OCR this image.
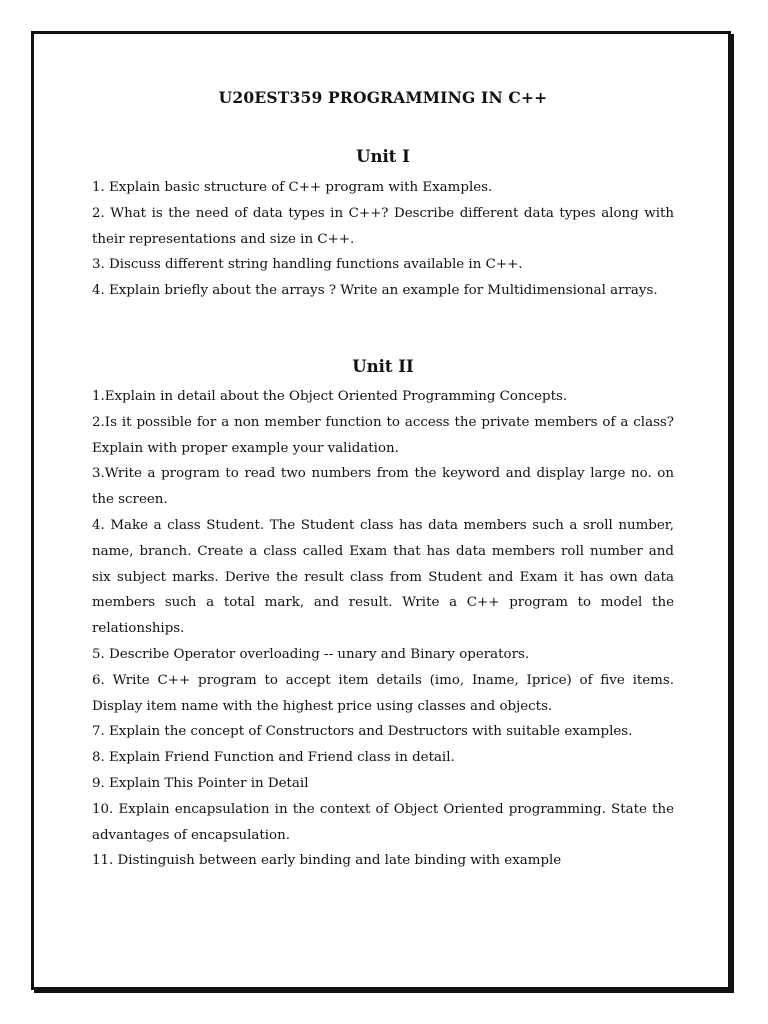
U20EST359 PROGRAMMING IN C++
Unit I
1. Explain basic structure of C++ program with Examples.
2. What is the need of data types in C++? Describe different data types along with their representations and size in C++.
3. Discuss different string handling functions available in C++.
4. Explain briefly about the arrays ? Write an example for Multidimensional arrays.
Unit II
1.Explain in detail about the Object Oriented Programming Concepts.
2.Is it possible for a non member function to access the private members of a class? Explain with proper example your validation.
3.Write a program to read two numbers from the keyword and display large no. on the screen.
4. Make a class Student. The Student class has data members such a sroll number, name, branch. Create a class called Exam that has data members roll number and six subject marks. Derive the result class from Student and Exam it has own data members such a total mark, and result. Write a C++ program to model the relationships.
5. Describe Operator overloading -- unary and Binary operators.
6. Write C++ program to accept item details (imo, Iname, Iprice) of five items. Display item name with the highest price using classes and objects.
7. Explain the concept of Constructors and Destructors with suitable examples.
8. Explain Friend Function and Friend class in detail.
9. Explain This Pointer in Detail
10. Explain encapsulation in the context of Object Oriented programming. State the advantages of encapsulation.
11. Distinguish between early binding and late binding with example
